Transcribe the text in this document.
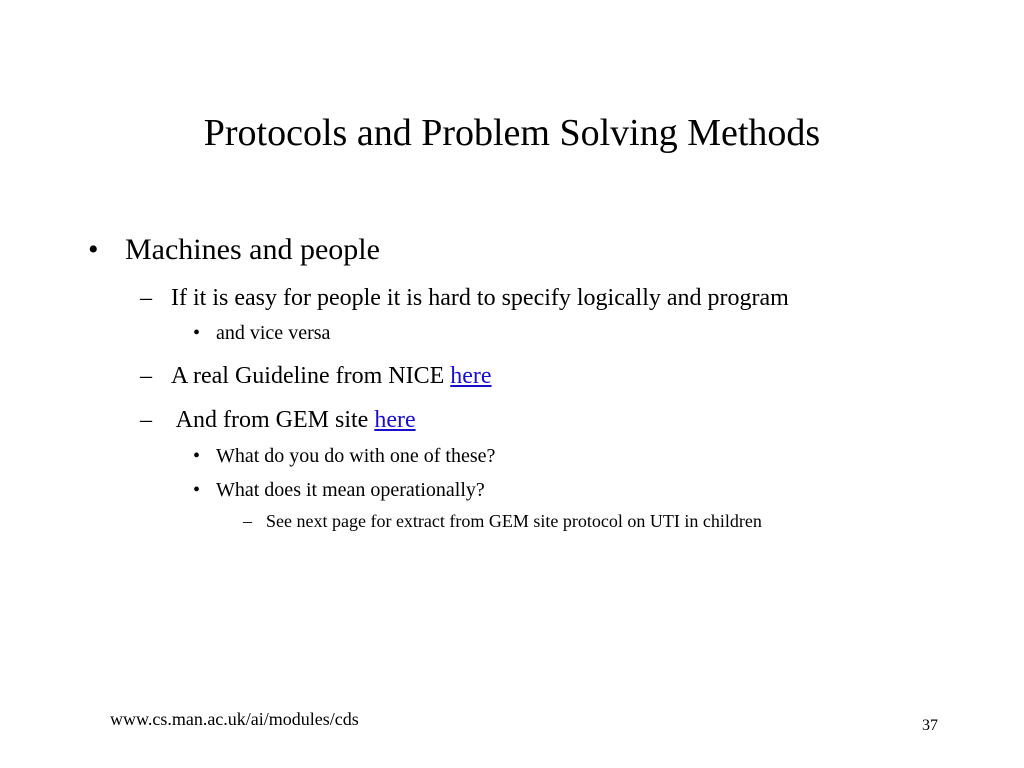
Protocols and Problem Solving Methods
• Machines and people
– If it is easy for people it is hard to specify logically and program
• and vice versa
– A real Guideline from NICE here
– And from GEM site here
• What do you do with one of these?
• What does it mean operationally?
– See next page for extract from GEM site protocol on UTI in children
www.cs.man.ac.uk/ai/modules/cds	37
